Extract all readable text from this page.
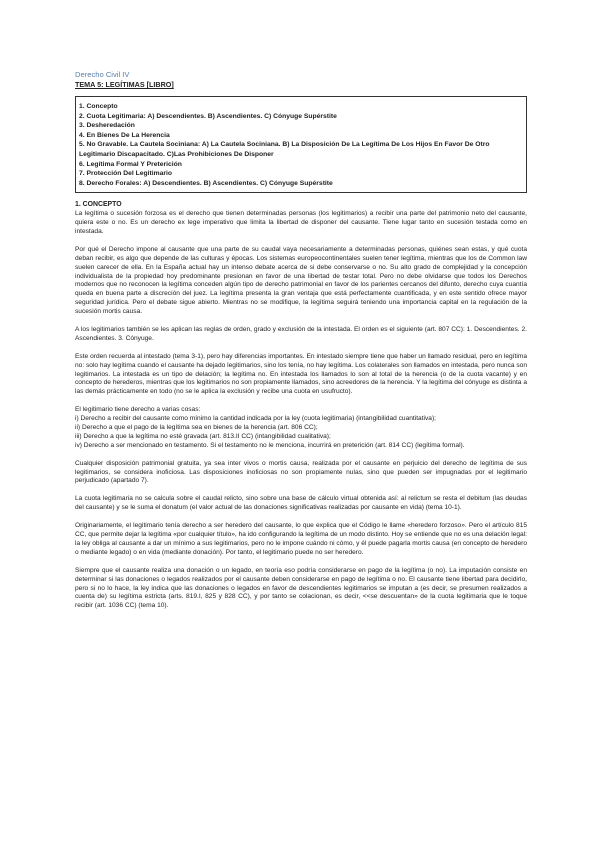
Derecho Civil IV
TEMA 5: LEGÍTIMAS [LIBRO]
1. Concepto
2. Cuota Legitimaria: A) Descendientes. B) Ascendientes. C) Cónyuge Supérstite
3. Desheredación
4. En Bienes De La Herencia
5. No Gravable. La Cautela Sociniana: A) La Cautela Sociniana. B) La Disposición De La Legítima De Los Hijos En Favor De Otro Legitimario Discapacitado. C)Las Prohibiciones De Disponer
6. Legítima Formal Y Preterición
7. Protección Del Legitimario
8. Derecho Forales: A) Descendientes. B) Ascendientes. C) Cónyuge Supérstite
1. CONCEPTO

La legítima o sucesión forzosa es el derecho que tienen determinadas personas (los legitimarios) a recibir una parte del patrimonio neto del causante, quiera este o no. Es un derecho ex lege imperativo que limita la libertad de disponer del causante. Tiene lugar tanto en sucesión testada como en intestada.

Por qué el Derecho impone al causante que una parte de su caudal vaya necesariamente a determinadas personas, quiénes sean estas, y qué cuota deban recibir, es algo que depende de las culturas y épocas. Los sistemas europeocontinentales suelen tener legítima, mientras que los de Common law suelen carecer de ella. En la España actual hay un intenso debate acerca de si debe conservarse o no. Su alto grado de complejidad y la concepción individualista de la propiedad hoy predominante presionan en favor de una libertad de testar total. Pero no debe olvidarse que todos los Derechos modernos que no reconocen la legítima conceden algún tipo de derecho patrimonial en favor de los parientes cercanos del difunto, derecho cuya cuantía queda en buena parte a discreción del juez. La legítima presenta la gran ventaja que está perfectamente cuantificada, y en este sentido ofrece mayor seguridad jurídica. Pero el debate sigue abierto. Mientras no se modifique, la legítima seguirá teniendo una importancia capital en la regulación de la sucesión mortis causa.

A los legitimarios también se les aplican las reglas de orden, grado y exclusión de la intestada. El orden es el siguiente (art. 807 CC): 1. Descendientes. 2. Ascendientes. 3. Cónyuge.

Este orden recuerda al intestado (tema 3-1), pero hay diferencias importantes. En intestado siempre tiene que haber un llamado residual, pero en legítima no: solo hay legítima cuando el causante ha dejado legitimarios, sino los tenía, no hay legítima. Los colaterales son llamados en intestada, pero nunca son legitimarios. La intestada es un tipo de delación; la legítima no. En intestada los llamados lo son al total de la herencia (o de la cuota vacante) y en concepto de herederos, mientras que los legitimarios no son propiamente llamados, sino acreedores de la herencia. Y la legítima del cónyuge es distinta a las demás prácticamente en todo (no se le aplica la exclusión y recibe una cuota en usufructo).

El legitimario tiene derecho a varias cosas:
i) Derecho a recibir del causante como mínimo la cantidad indicada por la ley (cuota legitimaria) (intangibilidad cuantitativa);
ii) Derecho a que el pago de la legítima sea en bienes de la herencia (art. 806 CC);
iii) Derecho a que la legítima no esté gravada (art. 813.II CC) (intangibilidad cualitativa);
iv) Derecho a ser mencionado en testamento. Si el testamento no le menciona, incurrirá en preterición (art. 814 CC) (legítima formal).

Cualquier disposición patrimonial gratuita, ya sea inter vivos o mortis causa, realizada por el causante en perjuicio del derecho de legítima de sus legitimarios, se considera inoficiosa. Las disposiciones inoficiosas no son propiamente nulas, sino que pueden ser impugnadas por el legitimario perjudicado (apartado 7).

La cuota legitimaria no se calcula sobre el caudal relicto, sino sobre una base de cálculo virtual obtenida así: al relictum se resta el debitum (las deudas del causante) y se le suma el donatum (el valor actual de las donaciones significativas realizadas por causante en vida) (tema 10-1).

Originariamente, el legitimario tenía derecho a ser heredero del causante, lo que explica que el Código le llame «heredero forzoso». Pero el artículo 815 CC, que permite dejar la legítima «por cualquier título», ha ido configurando la legítima de un modo distinto. Hoy se entiende que no es una delación legal: la ley obliga al causante a dar un mínimo a sus legitimarios, pero no le impone cuándo ni cómo, y él puede pagarla mortis causa (en concepto de heredero o mediante legado) o en vida (mediante donación). Por tanto, el legitimario puede no ser heredero.

Siempre que el causante realiza una donación o un legado, en teoría eso podría considerarse en pago de la legítima (o no). La imputación consiste en determinar si las donaciones o legados realizados por el causante deben considerarse en pago de legítima o no. El causante tiene libertad para decidirlo, pero si no lo hace, la ley indica que las donaciones o legados en favor de descendientes legitimarios se imputan a (es decir, se presumen realizados a cuenta de) su legítima estricta (arts. 819.I, 825 y 828 CC), y por tanto se colacionan, es decir, <<se descuentan» de la cuota legitimaria que le toque recibir (art. 1036 CC) (tema 10).
